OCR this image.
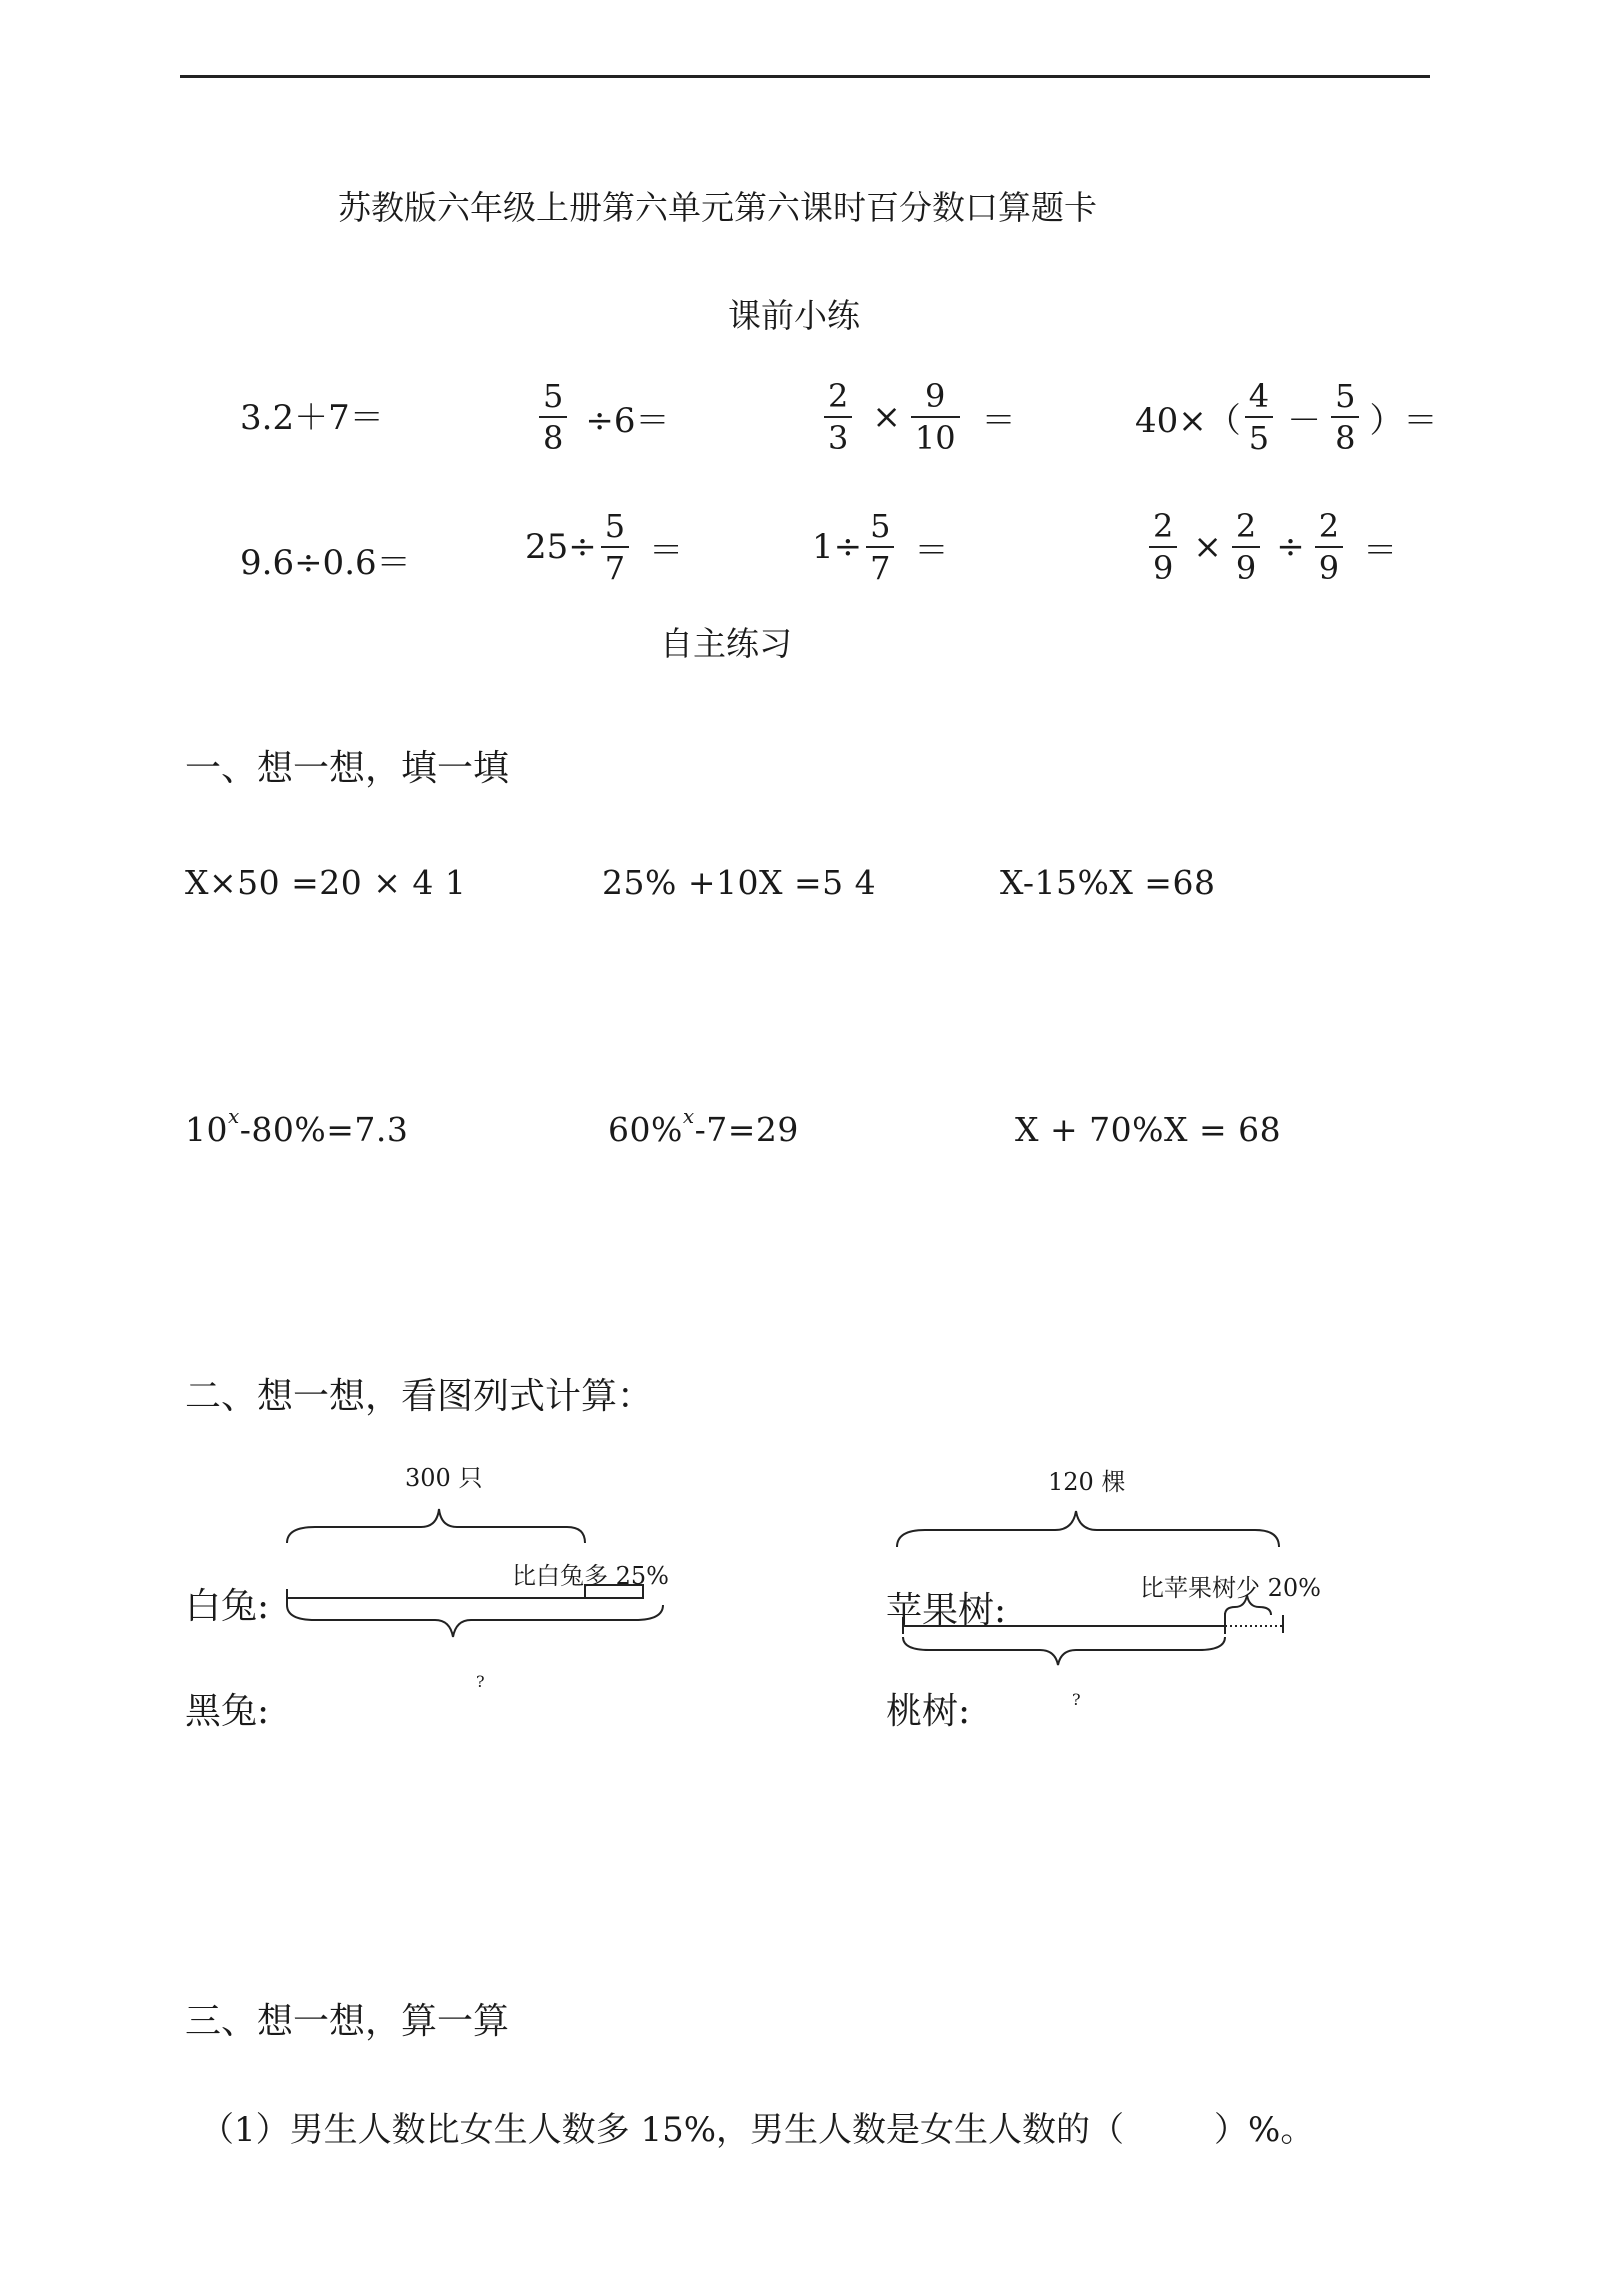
苏教版六年级上册第六单元第六课时百分数口算题卡
课前小练
3.2＋7＝	$\frac{5}{8} \div 6=$	$\frac{2}{3} \times \frac{9}{10}$ ＝	$40\times( \frac{4}{5} - \frac{5}{8}$ ）＝
9.6÷0.6＝	$25\div \frac{5}{7}$ ＝	$1\div \frac{5}{7}$ ＝	$\frac{2}{9} \times \frac{2}{9} \div \frac{2}{9}$ ＝
自主练习
一、想一想，填一填
X×50 =20 × 4 1	25% +10X =5 4	X-15%X =68
$10^x-80\%=7.3$	60%$^x$-7=29	X + 70%X = 68
二、想一想，看图列式计算：
300 只
比白兔多 25%
白兔:
?
黑兔:
120 棵
比苹果树少 20%
苹果树:
?
桃树:
三、想一想，算一算
（1）男生人数比女生人数多 15%，男生人数是女生人数的（	）%。
